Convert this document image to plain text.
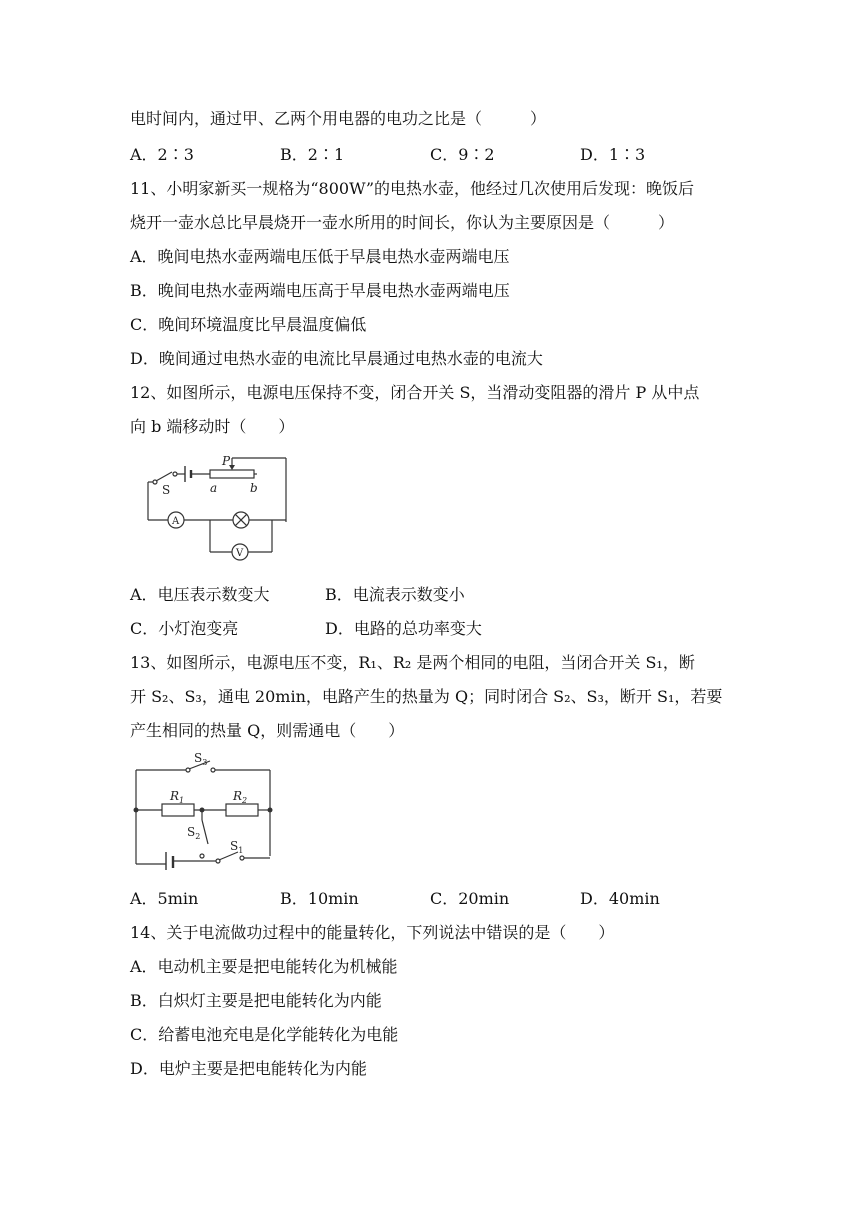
电时间内，通过甲、乙两个用电器的电功之比是（　　　）
A．2∶3	B．2∶1	C．9∶2	D．1∶3
11、小明家新买一规格为“800W”的电热水壶，他经过几次使用后发现：晚饭后
烧开一壶水总比早晨烧开一壶水所用的时间长，你认为主要原因是（　　　）
A．晚间电热水壶两端电压低于早晨电热水壶两端电压
B．晚间电热水壶两端电压高于早晨电热水壶两端电压
C．晚间环境温度比早晨温度偏低
D．晚间通过电热水壶的电流比早晨通过电热水壶的电流大
12、如图所示，电源电压保持不变，闭合开关 S，当滑动变阻器的滑片 P 从中点
向 b 端移动时（　　）
S
P
a	b
A
V
A．电压表示数变大	B．电流表示数变小
C．小灯泡变亮	D．电路的总功率变大
13、如图所示，电源电压不变，R₁、R₂ 是两个相同的电阻，当闭合开关 S₁，断
开 S₂、S₃，通电 20min，电路产生的热量为 Q；同时闭合 S₂、S₃，断开 S₁，若要
产生相同的热量 Q，则需通电（　　）
$S_3$
$R_1$	$R_2$
$S_2$
$S_1$
A．5min	B．10min	C．20min	D．40min
14、关于电流做功过程中的能量转化，下列说法中错误的是（　　）
A．电动机主要是把电能转化为机械能
B．白炽灯主要是把电能转化为内能
C．给蓄电池充电是化学能转化为电能
D．电炉主要是把电能转化为内能
